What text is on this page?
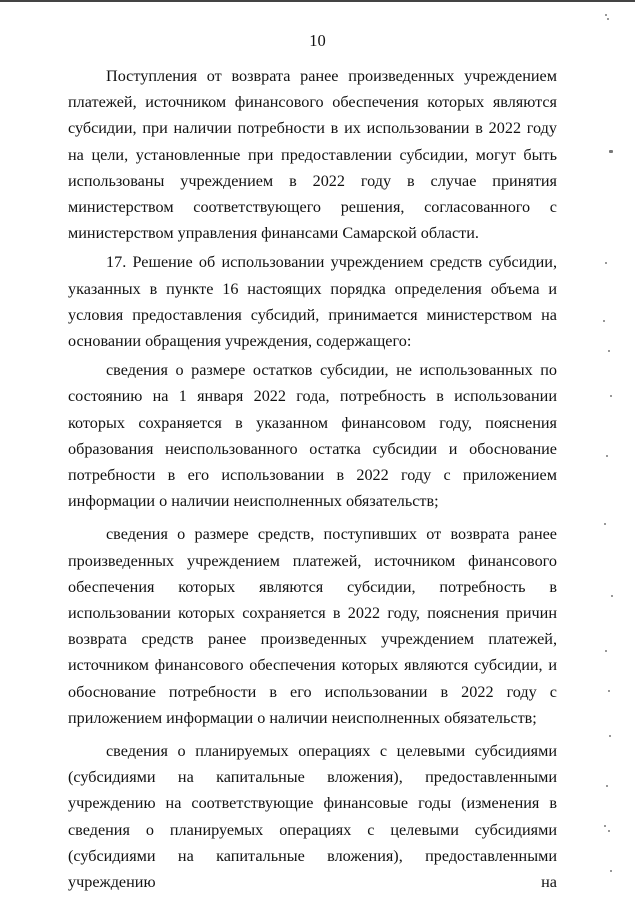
10

Поступления от возврата ранее произведенных учреждением платежей, источником финансового обеспечения которых являются субсидии, при наличии потребности в их использовании в 2022 году на цели, установленные при предоставлении субсидии, могут быть использованы учреждением в 2022 году в случае принятия министерством соответствующего решения, согласованного с министерством управления финансами Самарской области.

17. Решение об использовании учреждением средств субсидии, указанных в пункте 16 настоящих порядка определения объема и условия предоставления субсидий, принимается министерством на основании обращения учреждения, содержащего:

сведения о размере остатков субсидии, не использованных по состоянию на 1 января 2022 года, потребность в использовании которых сохраняется в указанном финансовом году, пояснения образования неиспользованного остатка субсидии и обоснование потребности в его использовании в 2022 году с приложением информации о наличии неисполненных обязательств;

сведения о размере средств, поступивших от возврата ранее произведенных учреждением платежей, источником финансового обеспечения которых являются субсидии, потребность в использовании которых сохраняется в 2022 году, пояснения причин возврата средств ранее произведенных учреждением платежей, источником финансового обеспечения которых являются субсидии, и обоснование потребности в его использовании в 2022 году с приложением информации о наличии неисполненных обязательств;

сведения о планируемых операциях с целевыми субсидиями (субсидиями на капитальные вложения), предоставленными учреждению на соответствующие финансовые годы (изменения в сведения о планируемых операциях с целевыми субсидиями (субсидиями на капитальные вложения), предоставленными учреждению на
